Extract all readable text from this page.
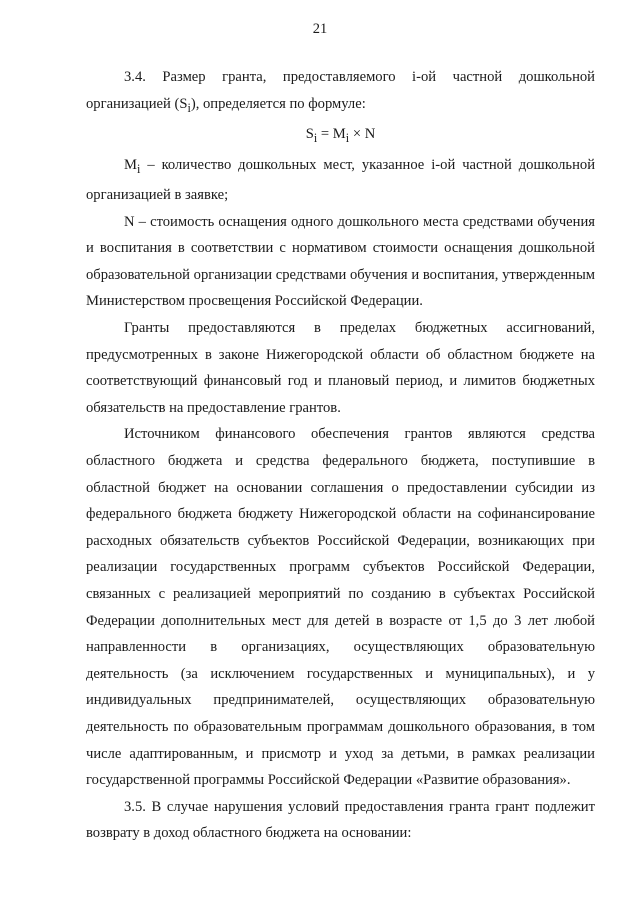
21

3.4. Размер гранта, предоставляемого i-ой частной дошкольной организацией $(S_i)$, определяется по формуле:

$S_i = M_i \times N$

$M_i$ – количество дошкольных мест, указанное i-ой частной дошкольной организацией в заявке;

N – стоимость оснащения одного дошкольного места средствами обучения и воспитания в соответствии с нормативом стоимости оснащения дошкольной образовательной организации средствами обучения и воспитания, утвержденным Министерством просвещения Российской Федерации.

Гранты предоставляются в пределах бюджетных ассигнований, предусмотренных в законе Нижегородской области об областном бюджете на соответствующий финансовый год и плановый период, и лимитов бюджетных обязательств на предоставление грантов.

Источником финансового обеспечения грантов являются средства областного бюджета и средства федерального бюджета, поступившие в областной бюджет на основании соглашения о предоставлении субсидии из федерального бюджета бюджету Нижегородской области на софинансирование расходных обязательств субъектов Российской Федерации, возникающих при реализации государственных программ субъектов Российской Федерации, связанных с реализацией мероприятий по созданию в субъектах Российской Федерации дополнительных мест для детей в возрасте от 1,5 до 3 лет любой направленности в организациях, осуществляющих образовательную деятельность (за исключением государственных и муниципальных), и у индивидуальных предпринимателей, осуществляющих образовательную деятельность по образовательным программам дошкольного образования, в том числе адаптированным, и присмотр и уход за детьми, в рамках реализации государственной программы Российской Федерации «Развитие образования».

3.5. В случае нарушения условий предоставления гранта грант подлежит возврату в доход областного бюджета на основании:
